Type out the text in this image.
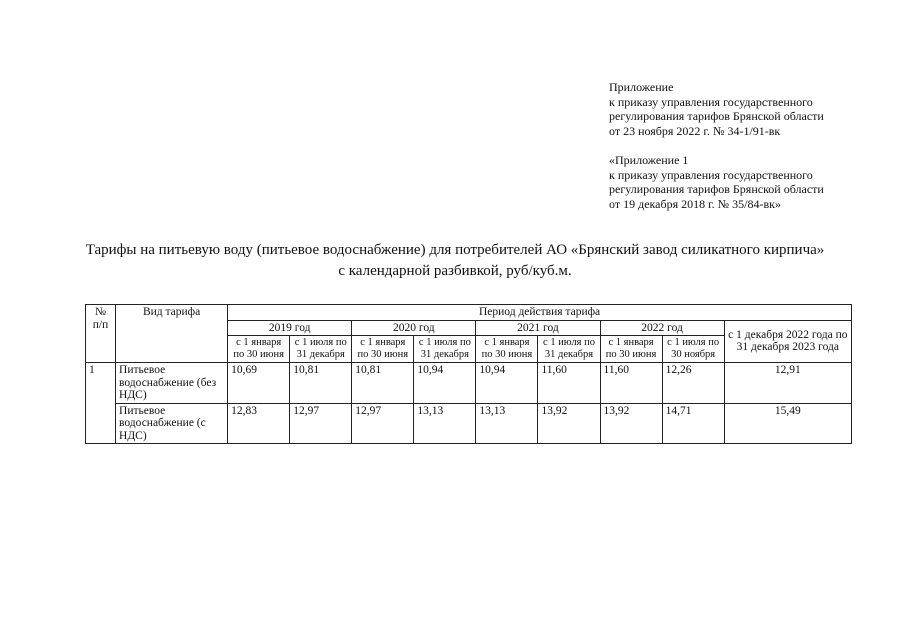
Приложение
к приказу управления государственного
регулирования тарифов Брянской области
от 23 ноября 2022 г. № 34-1/91-вк
«Приложение 1
к приказу управления государственного
регулирования тарифов Брянской области
от 19 декабря 2018 г. № 35/84-вк»
Тарифы на питьевую воду (питьевое водоснабжение) для потребителей АО «Брянский завод силикатного кирпича»
с календарной разбивкой, руб/куб.м.
№ п/п	Вид тарифа	Период действия тарифа								
		2019 год		2020 год		2021 год		2022 год		с 1 декабря 2022 года по 31 декабря 2023 года
		с 1 января по 30 июня	с 1 июля по 31 декабря	с 1 января по 30 июня	с 1 июля по 31 декабря	с 1 января по 30 июня	с 1 июля по 31 декабря	с 1 января по 30 июня	с 1 июля по 30 ноября	
1	Питьевое водоснабжение (без НДС)	10,69	10,81	10,81	10,94	10,94	11,60	11,60	12,26	12,91
	Питьевое водоснабжение (с НДС)	12,83	12,97	12,97	13,13	13,13	13,92	13,92	14,71	15,49
